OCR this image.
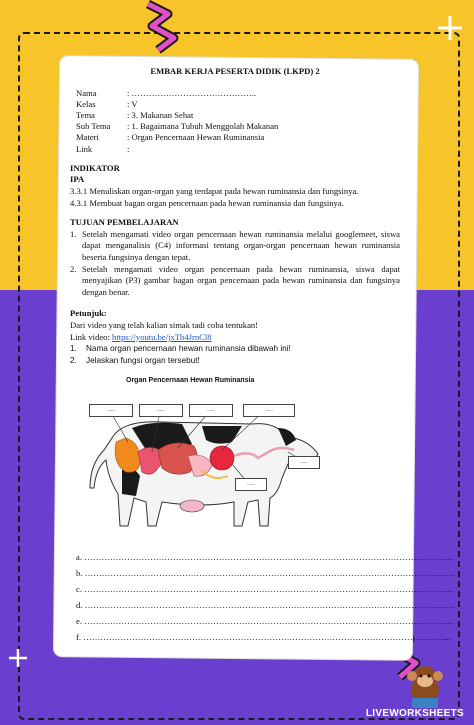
EMBAR KERJA PESERTA DIDIK (LKPD) 2
Nama	: ……………………………………..
Kelas	: V
Tema	: 3. Makanan Sehat
Sub Tema	: 1. Bagaimana Tubuh Menggolah Makanan
Materi	: Organ Pencernaan Hewan Ruminansia
Link	:
INDIKATOR
IPA
3.3.1 Menuliskan organ-organ yang terdapat pada hewan ruminansia dan fungsinya.
4.3.1 Membuat bagan organ pencernaan pada hewan ruminansia dan fungsinya.
TUJUAN PEMBELAJARAN
1. Setelah mengamati video organ pencernaan hewan ruminansia melalui googlemeet, siswa dapat menganalisis (C4) informasi tentang organ-organ pencernaan hewan ruminansia beserta fungsinya dengan tepat.
2. Setelah mengamati video organ pencernaan pada hewan ruminansia, siswa dapat menyajikan (P3) gambar bagan organ pencernaan pada hewan ruminansia dan fungsinya dengan benar.
Petunjuk:
Dari video yang telah kalian simak tadi coba tentukan!
Link video: https://youtu.be/jxTb4JrnCl8
1.	Nama organ pencernaan hewan ruminansia dibawah ini!
2.	Jelaskan fungsi organ tersebut!
Organ Pencernaan Hewan Ruminansia
......	......	......	......
......
......
a. …………………………………………………………………………………………………………………
b. …………………………………………………………………………………………………………………
c. …………………………………………………………………………………………………………………
d. …………………………………………………………………………………………………………………
e. …………………………………………………………………………………………………………………
f. ………………………………………………………………………………………………………………...
LIVEWORKSHEETS
